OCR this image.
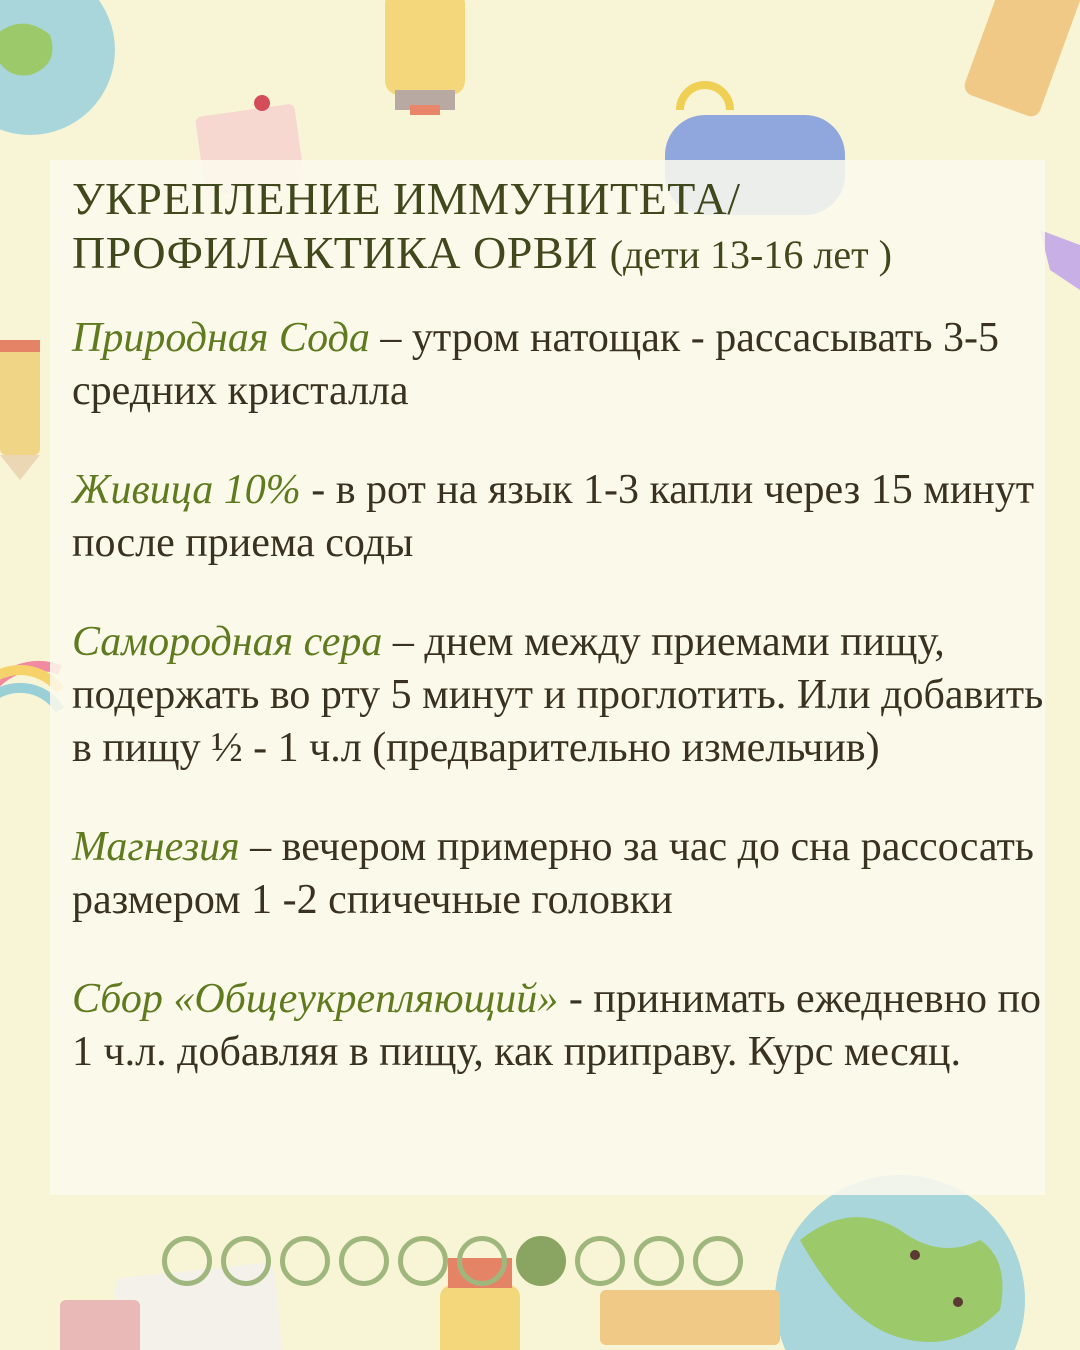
УКРЕПЛЕНИЕ ИММУНИТЕТА/
ПРОФИЛАКТИКА ОРВИ (дети 13-16 лет )

Природная Сода – утром натощак - рассасывать 3-5 средних кристалла

Живица 10% - в рот на язык 1-3 капли через 15 минут после приема соды

Самородная сера – днем между приемами пищу, подержать во рту 5 минут и проглотить. Или добавить в пищу ½ - 1 ч.л (предварительно измельчив)

Магнезия – вечером примерно за час до сна рассосать размером 1 -2 спичечные головки

Сбор «Общеукрепляющий» - принимать ежедневно по 1 ч.л. добавляя в пищу, как приправу. Курс месяц.
